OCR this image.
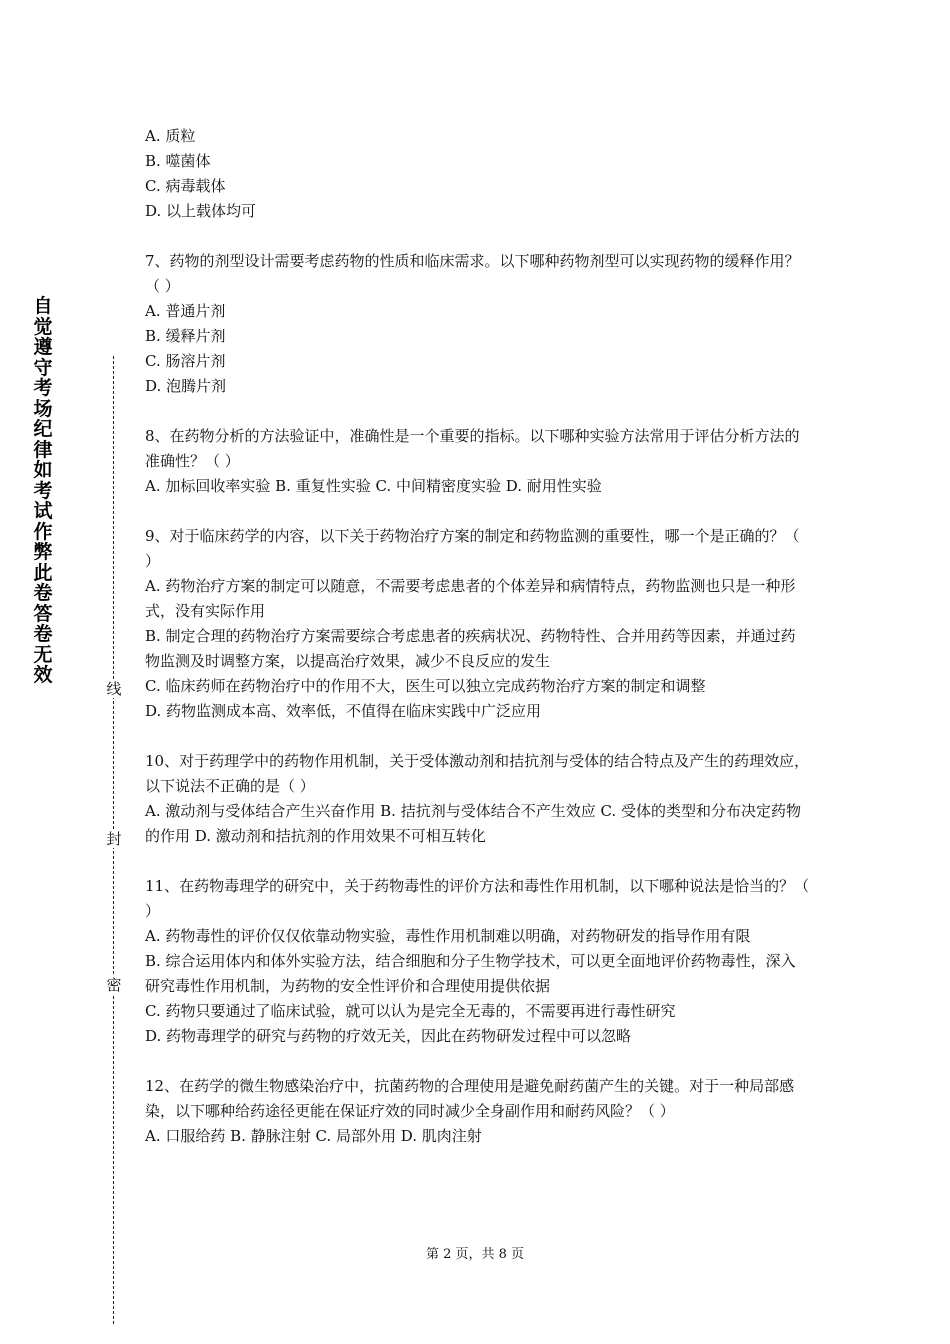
自觉遵守考场纪律如考试作弊此卷答卷无效
线
封
密

A. 质粒

B. 噬菌体

C. 病毒载体

D. 以上载体均可

7、药物的剂型设计需要考虑药物的性质和临床需求。以下哪种药物剂型可以实现药物的缓释作用？（ ）

A. 普通片剂

B. 缓释片剂

C. 肠溶片剂

D. 泡腾片剂

8、在药物分析的方法验证中，准确性是一个重要的指标。以下哪种实验方法常用于评估分析方法的准确性？（ ）

A. 加标回收率实验 B. 重复性实验 C. 中间精密度实验 D. 耐用性实验

9、对于临床药学的内容，以下关于药物治疗方案的制定和药物监测的重要性，哪一个是正确的？（ ）

A. 药物治疗方案的制定可以随意，不需要考虑患者的个体差异和病情特点，药物监测也只是一种形式，没有实际作用

B. 制定合理的药物治疗方案需要综合考虑患者的疾病状况、药物特性、合并用药等因素，并通过药物监测及时调整方案，以提高治疗效果，减少不良反应的发生

C. 临床药师在药物治疗中的作用不大，医生可以独立完成药物治疗方案的制定和调整

D. 药物监测成本高、效率低，不值得在临床实践中广泛应用

10、对于药理学中的药物作用机制，关于受体激动剂和拮抗剂与受体的结合特点及产生的药理效应，以下说法不正确的是（ ）

A. 激动剂与受体结合产生兴奋作用 B. 拮抗剂与受体结合不产生效应 C. 受体的类型和分布决定药物的作用 D. 激动剂和拮抗剂的作用效果不可相互转化

11、在药物毒理学的研究中，关于药物毒性的评价方法和毒性作用机制，以下哪种说法是恰当的？（ ）

A. 药物毒性的评价仅仅依靠动物实验，毒性作用机制难以明确，对药物研发的指导作用有限

B. 综合运用体内和体外实验方法，结合细胞和分子生物学技术，可以更全面地评价药物毒性，深入研究毒性作用机制，为药物的安全性评价和合理使用提供依据

C. 药物只要通过了临床试验，就可以认为是完全无毒的，不需要再进行毒性研究

D. 药物毒理学的研究与药物的疗效无关，因此在药物研发过程中可以忽略

12、在药学的微生物感染治疗中，抗菌药物的合理使用是避免耐药菌产生的关键。对于一种局部感染，以下哪种给药途径更能在保证疗效的同时减少全身副作用和耐药风险？（ ）

A. 口服给药 B. 静脉注射 C. 局部外用 D. 肌肉注射

第 2 页，共 8 页
